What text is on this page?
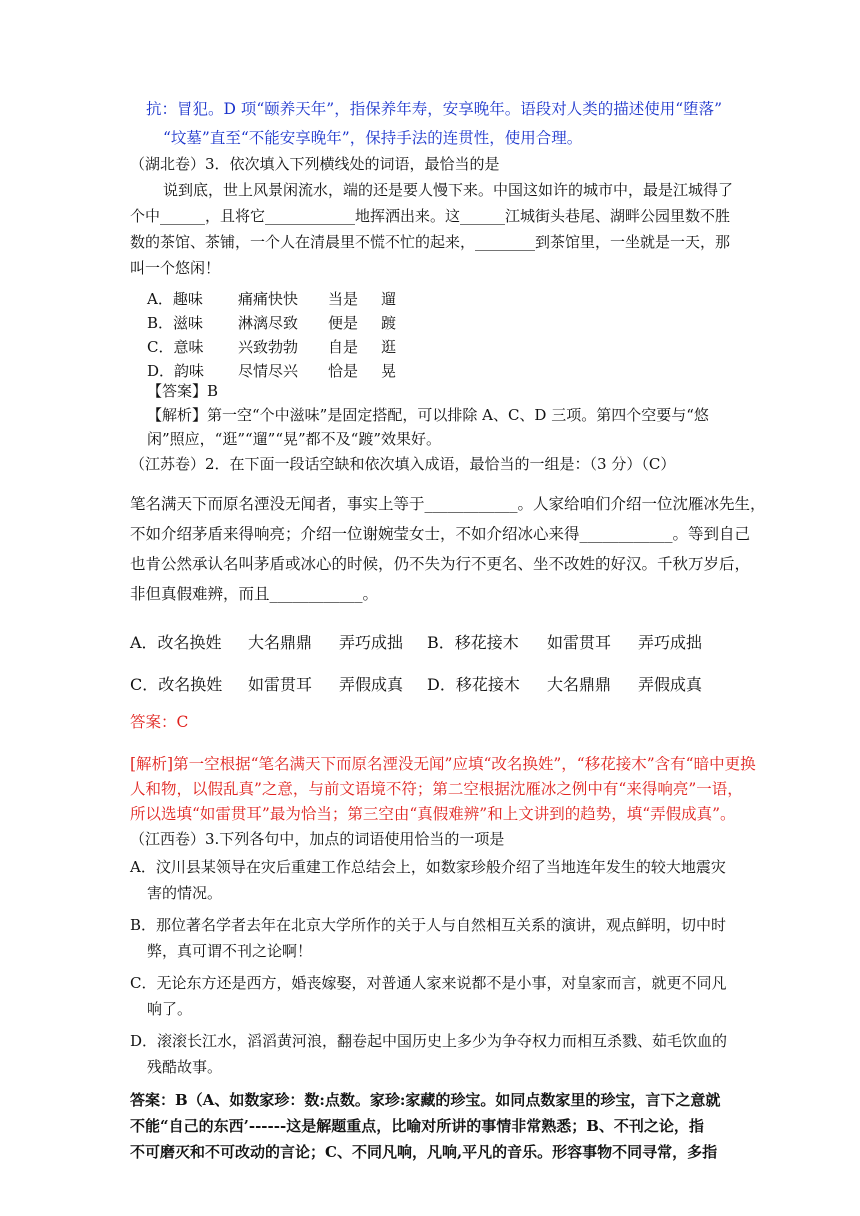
抗：冒犯。D 项“颐养天年”，指保养年寿，安享晚年。语段对人类的描述使用“堕落”
“坟墓”直至“不能安享晚年”，保持手法的连贯性，使用合理。
（湖北卷）3．依次填入下列横线处的词语，最恰当的是
说到底，世上风景闲流水，端的还是要人慢下来。中国这如许的城市中，最是江城得了
个中______，且将它____________地挥洒出来。这______江城街头巷尾、湖畔公园里数不胜
数的茶馆、茶铺，一个人在清晨里不慌不忙的起来，________到茶馆里，一坐就是一天，那
叫一个悠闲！
A．趣味 痛痛快快 当是 遛
B．滋味 淋漓尽致 便是 踱
C．意味 兴致勃勃 自是 逛
D．韵味 尽情尽兴 恰是 晃
【答案】B
【解析】第一空“个中滋味”是固定搭配，可以排除 A、C、D 三项。第四个空要与“悠
闲”照应，“逛”“遛”“晃”都不及“踱”效果好。
（江苏卷）2．在下面一段话空缺和依次填入成语，最恰当的一组是：（3 分）（C）
笔名满天下而原名湮没无闻者，事实上等于____________。人家给咱们介绍一位沈雁冰先生，
不如介绍茅盾来得响亮；介绍一位谢婉莹女士，不如介绍冰心来得____________。等到自己
也肯公然承认名叫茅盾或冰心的时候，仍不失为行不更名、坐不改姓的好汉。千秋万岁后，
非但真假难辨，而且____________。
A．改名换姓 大名鼎鼎 弄巧成拙 B．移花接木 如雷贯耳 弄巧成拙
C．改名换姓 如雷贯耳 弄假成真 D．移花接木 大名鼎鼎 弄假成真
答案：C
[解析]第一空根据“笔名满天下而原名湮没无闻”应填“改名换姓”，“移花接木”含有“暗中更换
人和物，以假乱真”之意，与前文语境不符；第二空根据沈雁冰之例中有“来得响亮”一语，
所以选填“如雷贯耳”最为恰当；第三空由“真假难辨”和上文讲到的趋势，填“弄假成真”。
（江西卷）3.下列各句中，加点的词语使用恰当的一项是
A．汶川县某领导在灾后重建工作总结会上，如数家珍般介绍了当地连年发生的较大地震灾
害的情况。
B．那位著名学者去年在北京大学所作的关于人与自然相互关系的演讲，观点鲜明，切中时
弊，真可谓不刊之论啊！
C．无论东方还是西方，婚丧嫁娶，对普通人家来说都不是小事，对皇家而言，就更不同凡
响了。
D．滚滚长江水，滔滔黄河浪，翻卷起中国历史上多少为争夺权力而相互杀戮、茹毛饮血的
残酷故事。
答案：B（A、如数家珍：数:点数。家珍:家藏的珍宝。如同点数家里的珍宝，言下之意就
不能“自己的东西’------这是解题重点，比喻对所讲的事情非常熟悉；B、不刊之论，指
不可磨灭和不可改动的言论；C、不同凡响，凡响,平凡的音乐。形容事物不同寻常，多指
